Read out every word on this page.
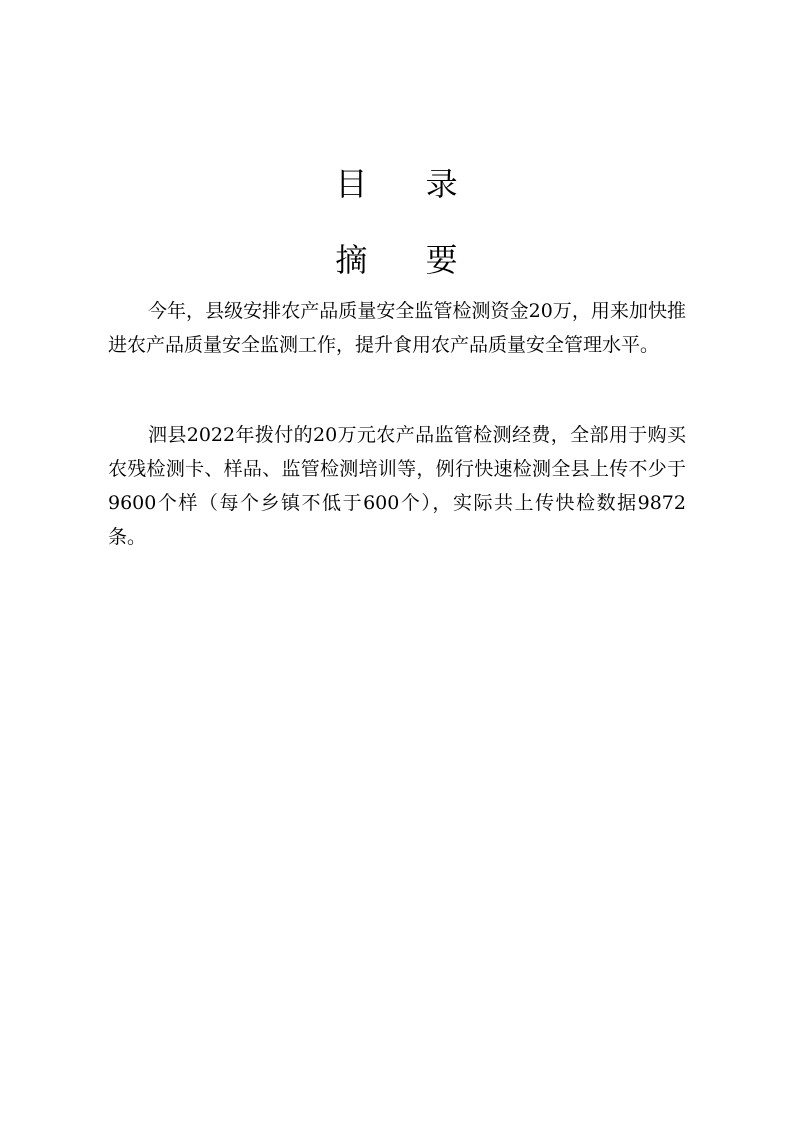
目 录
摘 要

今年，县级安排农产品质量安全监管检测资金20万，用来加快推进农产品质量安全监测工作，提升食用农产品质量安全管理水平。

泗县2022年拨付的20万元农产品监管检测经费，全部用于购买农残检测卡、样品、监管检测培训等，例行快速检测全县上传不少于9600个样（每个乡镇不低于600个），实际共上传快检数据9872条。
